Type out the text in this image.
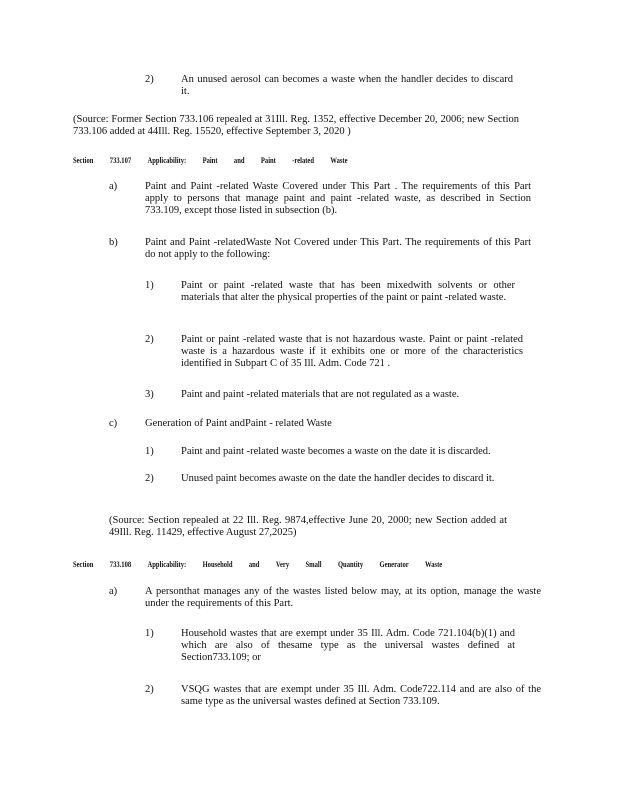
2)	An unused aerosol can becomes a waste when the handler decides to discard it.
(Source: Former Section 733.106 repealed at 31Ill. Reg. 1352, effective December 20, 2006; new Section 733.106 added at 44Ill. Reg. 15520, effective September 3, 2020 )
Section 733.107 Applicability: Paint and Paint -related Waste
a)	Paint and Paint -related Waste Covered under This Part . The requirements of this Part apply to persons that manage paint and paint -related waste, as described in Section 733.109, except those listed in subsection (b).
b)	Paint and Paint -relatedWaste Not Covered under This Part. The requirements of this Part do not apply to the following:
1)	Paint or paint -related waste that has been mixedwith solvents or other materials that alter the physical properties of the paint or paint -related waste.
2)	Paint or paint -related waste that is not hazardous waste. Paint or paint -related waste is a hazardous waste if it exhibits one or more of the characteristics identified in Subpart C of 35 Ill. Adm. Code 721 .
3)	Paint and paint -related materials that are not regulated as a waste.
c)	Generation of Paint andPaint - related Waste
1)	Paint and paint -related waste becomes a waste on the date it is discarded.
2)	Unused paint becomes awaste on the date the handler decides to discard it.
(Source: Section repealed at 22 Ill. Reg. 9874,effective June 20, 2000; new Section added at 49Ill. Reg. 11429, effective August 27,2025)
Section 733.108 Applicability: Household and Very Small Quantity Generator Waste
a)	A personthat manages any of the wastes listed below may, at its option, manage the waste under the requirements of this Part.
1)	Household wastes that are exempt under 35 Ill. Adm. Code 721.104(b)(1) and which are also of thesame type as the universal wastes defined at Section733.109; or
2)	VSQG wastes that are exempt under 35 Ill. Adm. Code722.114 and are also of the same type as the universal wastes defined at Section 733.109.
